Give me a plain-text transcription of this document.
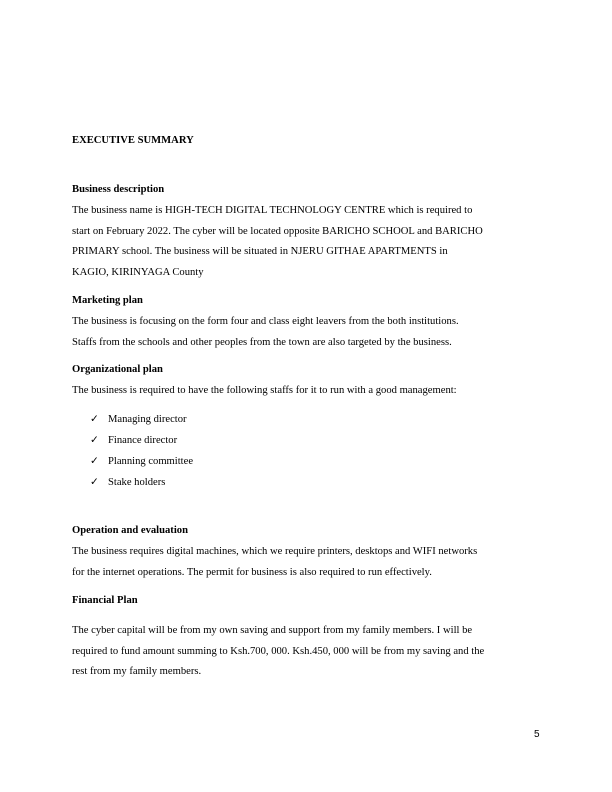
EXECUTIVE SUMMARY
Business description
The business name is HIGH-TECH DIGITAL TECHNOLOGY CENTRE which is required to
start on February 2022. The cyber will be located opposite BARICHO SCHOOL and BARICHO
PRIMARY school. The business will be situated in NJERU GITHAE APARTMENTS in
KAGIO, KIRINYAGA County
Marketing plan
The business is focusing on the form four and class eight leavers from the both institutions.
Staffs from the schools and other peoples from the town are also targeted by the business.
Organizational plan
The business is required to have the following staffs for it to run with a good management:
✓ Managing director
✓ Finance director
✓ Planning committee
✓ Stake holders
Operation and evaluation
The business requires digital machines, which we require printers, desktops and WIFI networks
for the internet operations. The permit for business is also required to run effectively.
Financial Plan
The cyber capital will be from my own saving and support from my family members. I will be
required to fund amount summing to Ksh.700, 000. Ksh.450, 000 will be from my saving and the
rest from my family members.
5
